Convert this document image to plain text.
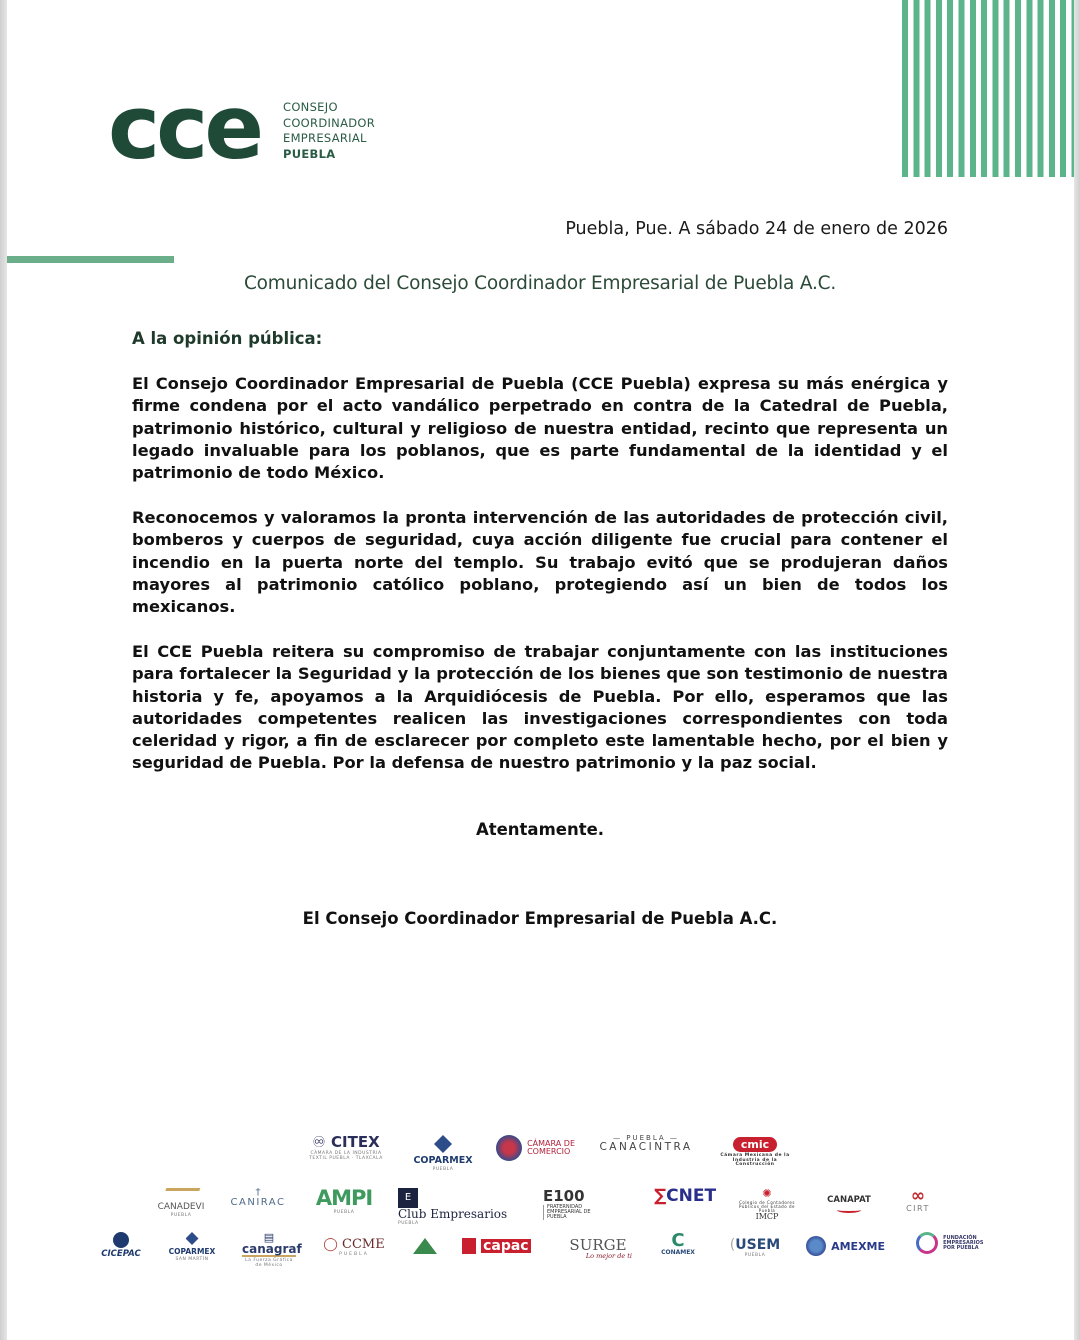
cce CONSEJO
COORDINADOR
EMPRESARIAL
PUEBLA
Puebla, Pue. A sábado 24 de enero de 2026
Comunicado del Consejo Coordinador Empresarial de Puebla A.C.
A la opinión pública:

El Consejo Coordinador Empresarial de Puebla (CCE Puebla) expresa su más enérgica y firme condena por el acto vandálico perpetrado en contra de la Catedral de Puebla, patrimonio histórico, cultural y religioso de nuestra entidad, recinto que representa un legado invaluable para los poblanos, que es parte fundamental de la identidad y el patrimonio de todo México.

Reconocemos y valoramos la pronta intervención de las autoridades de protección civil, bomberos y cuerpos de seguridad, cuya acción diligente fue crucial para contener el incendio en la puerta norte del templo. Su trabajo evitó que se produjeran daños mayores al patrimonio católico poblano, protegiendo así un bien de todos los mexicanos.

El CCE Puebla reitera su compromiso de trabajar conjuntamente con las instituciones para fortalecer la Seguridad y la protección de los bienes que son testimonio de nuestra historia y fe, apoyamos a la Arquidiócesis de Puebla. Por ello, esperamos que las autoridades competentes realicen las investigaciones correspondientes con toda celeridad y rigor, a fin de esclarecer por completo este lamentable hecho, por el bien y seguridad de Puebla. Por la defensa de nuestro patrimonio y la paz social.

Atentamente.
El Consejo Coordinador Empresarial de Puebla A.C.
♾ CITEX
CÁMARA DE LA INDUSTRIA TEXTIL PUEBLA · TLAXCALA	COPARMEX
PUEBLA
CÁMARA DE COMERCIO
— PUEBLA —
CANACINTRA	cmic
Cámara Mexicana de la Industria de la Construcción
CANADEVI
PUEBLA
†
CANIRAC	AMPI
PUEBLA
E
Club Empresarios
PUEBLA
E100 FRATERNIDAD EMPRESARIAL DE PUEBLA
∑CNET	✺
Colegio de Contadores Públicos del Estado de Puebla
IMCP
CANAPAT	∞
CIRT
CICEPAC	COPARMEX
SAN MARTÍN
▤
canagraf
La Fuerza Gráfica de México
◯ CCME
PUEBLA
capac	SURGE
Lo mejor de ti
C
CONAMEX	(USEM
PUEBLA
AMEXME
FUNDACIÓN EMPRESARIOS POR PUEBLA
